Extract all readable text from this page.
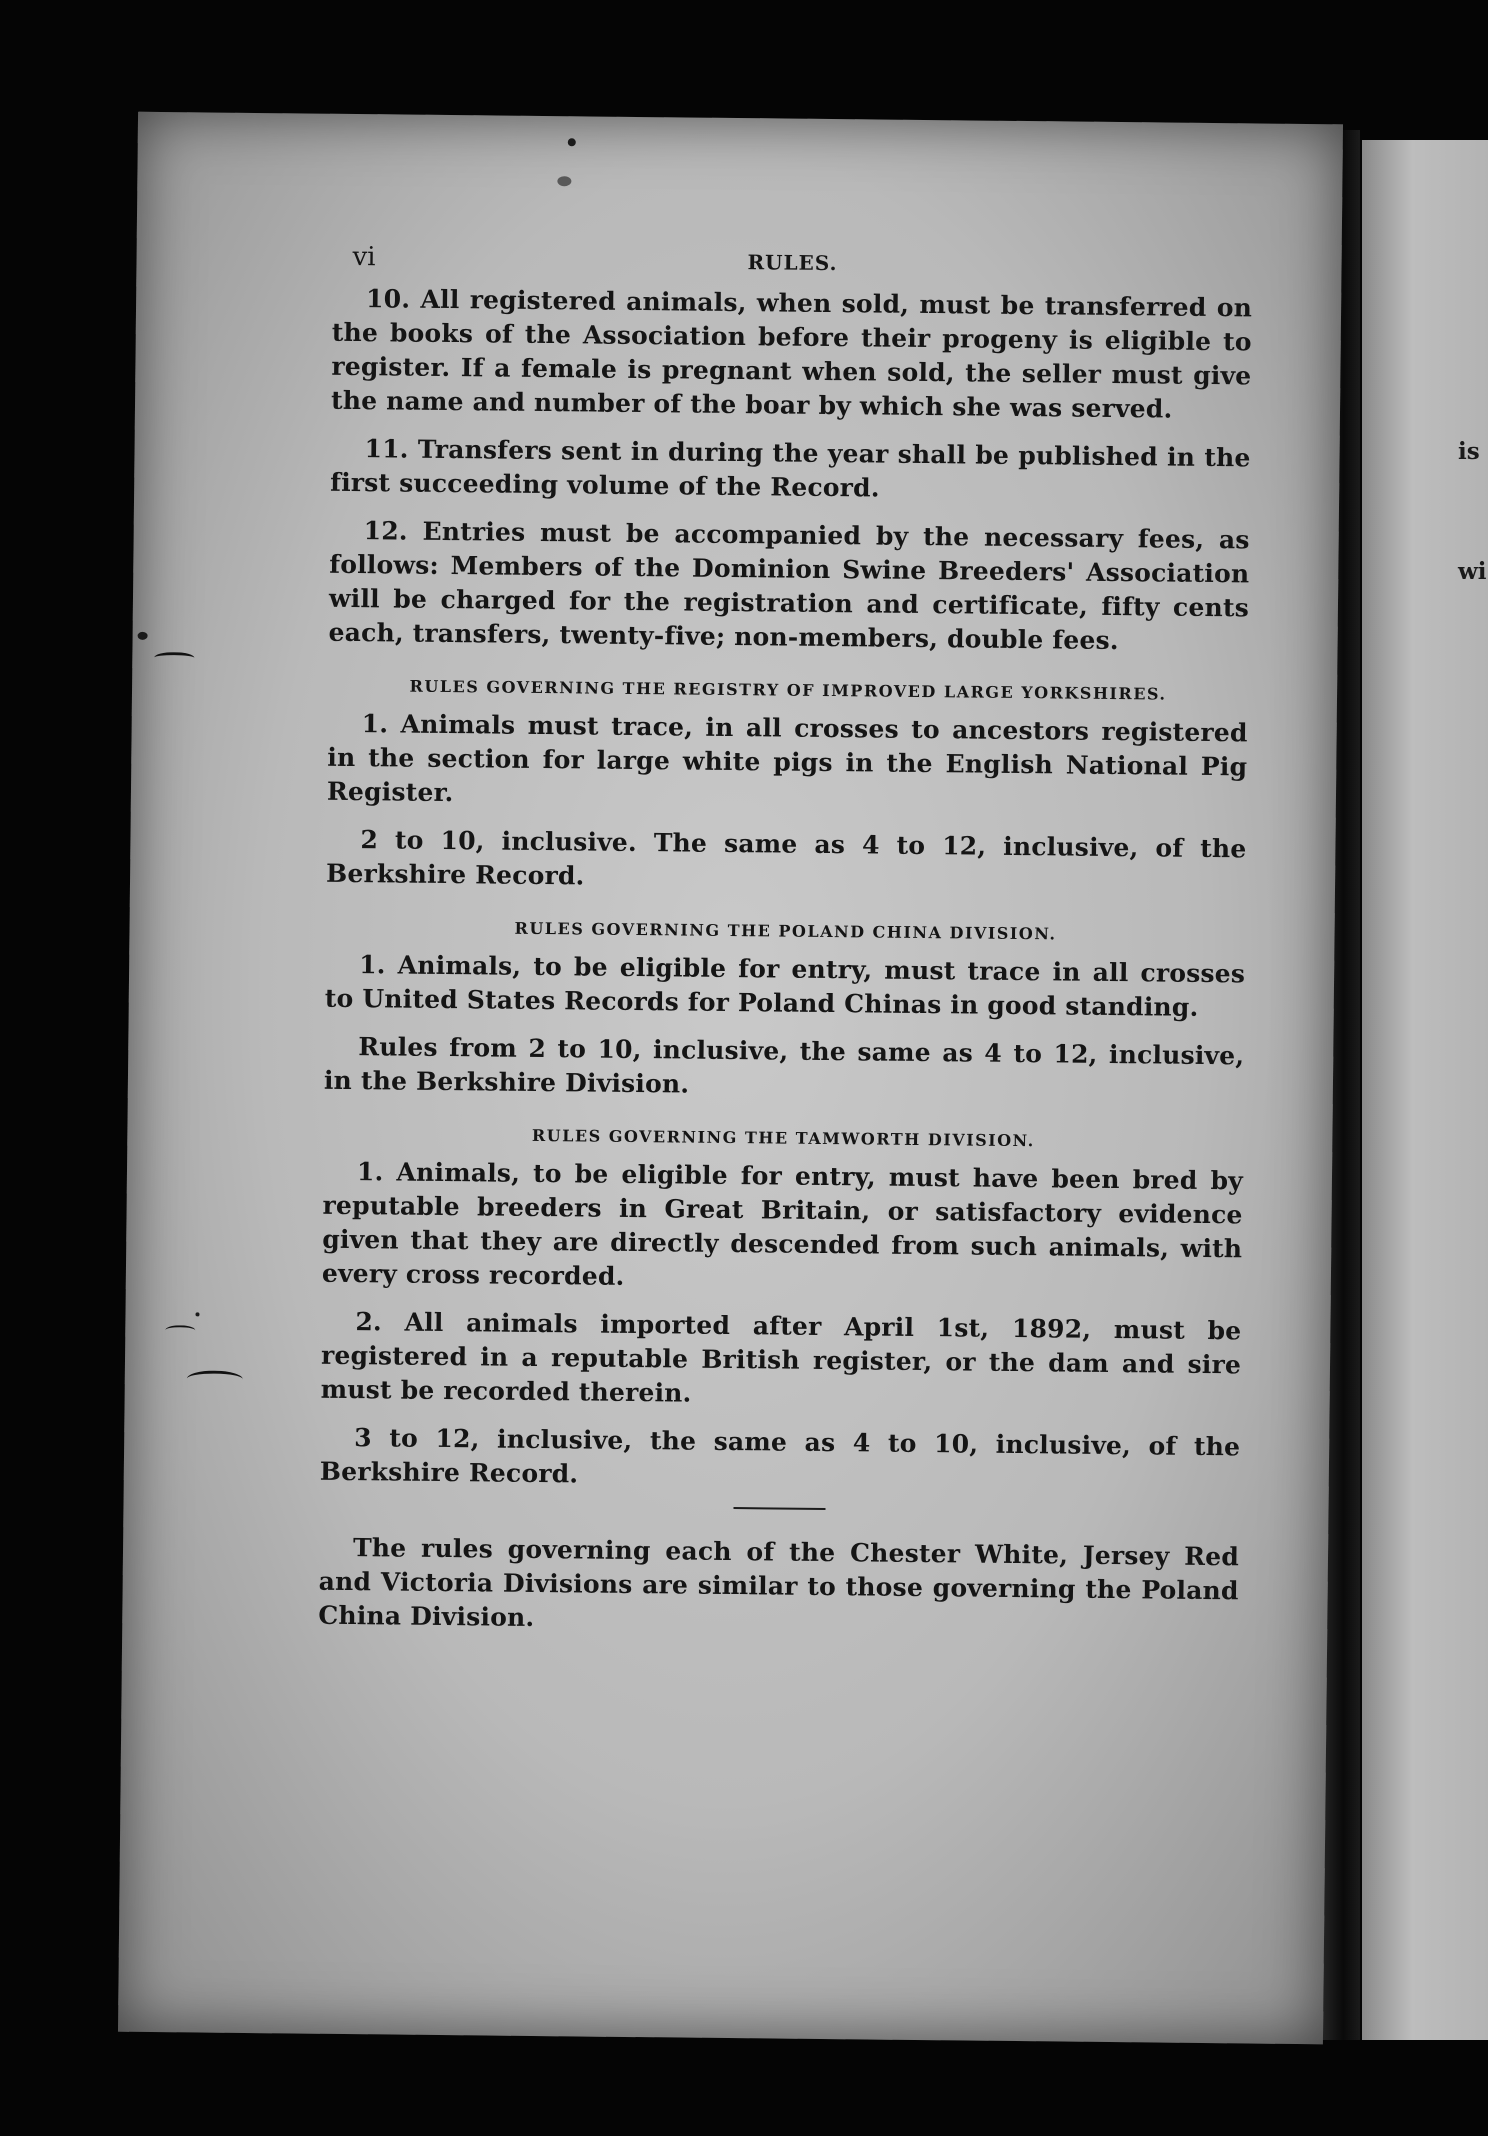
is
wi
vi	RULES.

10. All registered animals, when sold, must be transferred on the books of the Association before their progeny is eligible to register. If a female is pregnant when sold, the seller must give the name and number of the boar by which she was served.

11. Transfers sent in during the year shall be published in the first succeeding volume of the Record.

12. Entries must be accompanied by the necessary fees, as follows: Members of the Dominion Swine Breeders' Association will be charged for the registration and certificate, fifty cents each, transfers, twenty-five; non-members, double fees.

RULES GOVERNING THE REGISTRY OF IMPROVED LARGE YORKSHIRES.

1. Animals must trace, in all crosses to ancestors registered in the section for large white pigs in the English National Pig Register.

2 to 10, inclusive. The same as 4 to 12, inclusive, of the Berkshire Record.

RULES GOVERNING THE POLAND CHINA DIVISION.

1. Animals, to be eligible for entry, must trace in all crosses to United States Records for Poland Chinas in good standing.

Rules from 2 to 10, inclusive, the same as 4 to 12, inclusive, in the Berkshire Division.

RULES GOVERNING THE TAMWORTH DIVISION.

1. Animals, to be eligible for entry, must have been bred by reputable breeders in Great Britain, or satisfactory evidence given that they are directly descended from such animals, with every cross recorded.

2. All animals imported after April 1st, 1892, must be registered in a reputable British register, or the dam and sire must be recorded therein.

3 to 12, inclusive, the same as 4 to 10, inclusive, of the Berkshire Record.

The rules governing each of the Chester White, Jersey Red and Victoria Divisions are similar to those governing the Poland China Division.
